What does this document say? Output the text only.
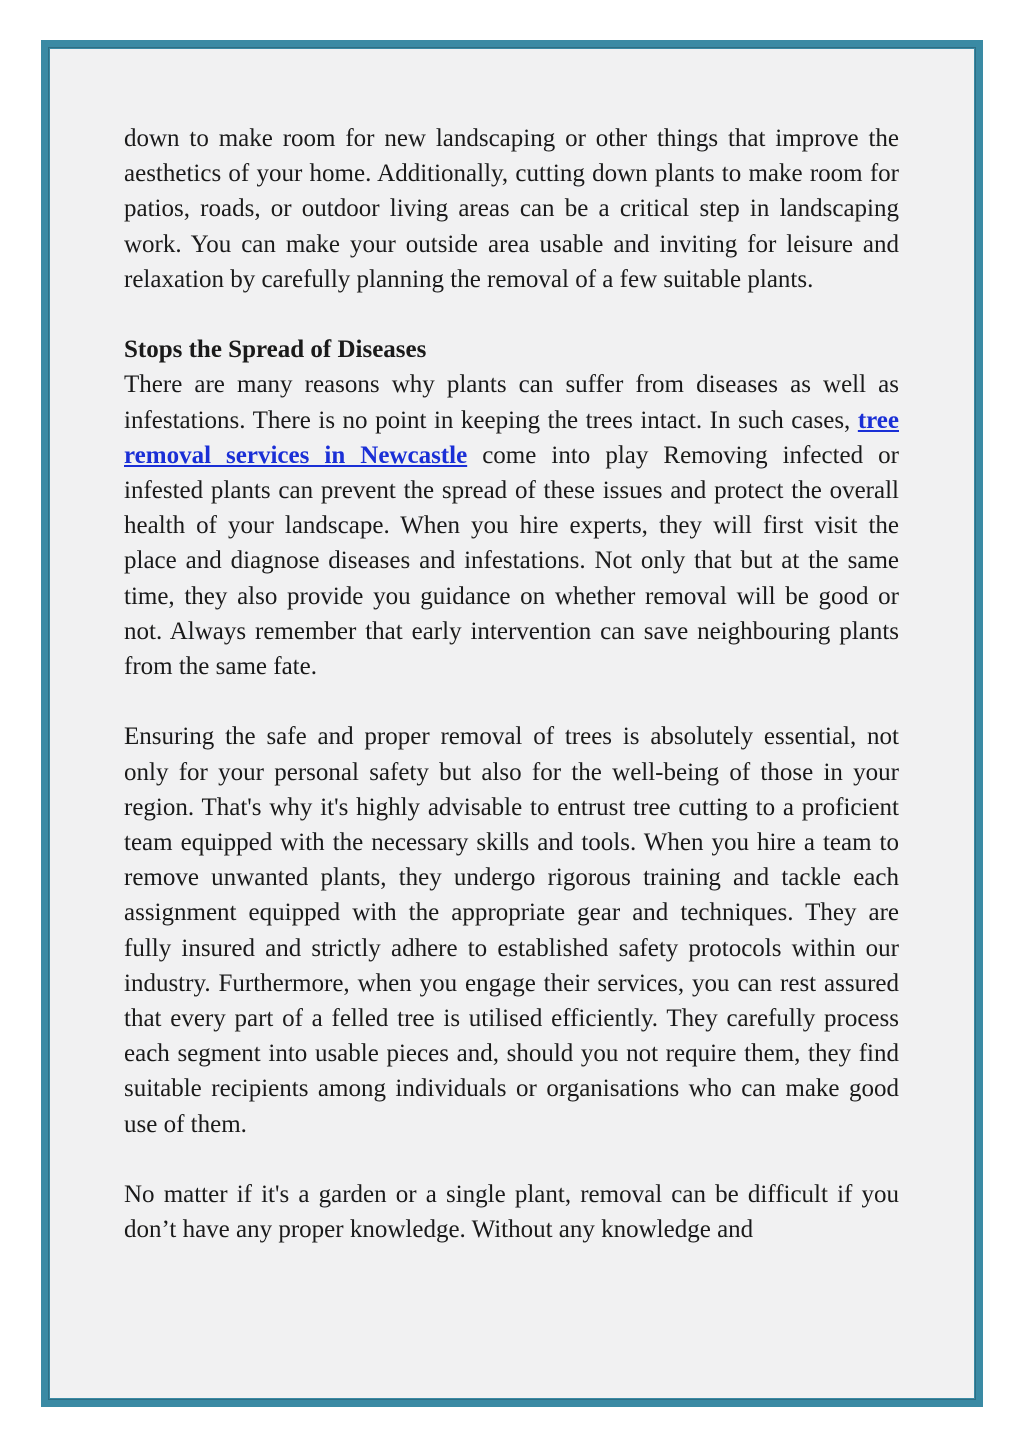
down to make room for new landscaping or other things that improve the aesthetics of your home. Additionally, cutting down plants to make room for patios, roads, or outdoor living areas can be a critical step in landscaping work. You can make your outside area usable and inviting for leisure and relaxation by carefully planning the removal of a few suitable plants.

Stops the Spread of Diseases

There are many reasons why plants can suffer from diseases as well as infestations. There is no point in keeping the trees intact. In such cases, tree removal services in Newcastle come into play Removing infected or infested plants can prevent the spread of these issues and protect the overall health of your landscape. When you hire experts, they will first visit the place and diagnose diseases and infestations. Not only that but at the same time, they also provide you guidance on whether removal will be good or not. Always remember that early intervention can save neighbouring plants from the same fate.

Ensuring the safe and proper removal of trees is absolutely essential, not only for your personal safety but also for the well-being of those in your region. That's why it's highly advisable to entrust tree cutting to a proficient team equipped with the necessary skills and tools. When you hire a team to remove unwanted plants, they undergo rigorous training and tackle each assignment equipped with the appropriate gear and techniques. They are fully insured and strictly adhere to established safety protocols within our industry. Furthermore, when you engage their services, you can rest assured that every part of a felled tree is utilised efficiently. They carefully process each segment into usable pieces and, should you not require them, they find suitable recipients among individuals or organisations who can make good use of them.

No matter if it's a garden or a single plant, removal can be difficult if you don’t have any proper knowledge. Without any knowledge and
